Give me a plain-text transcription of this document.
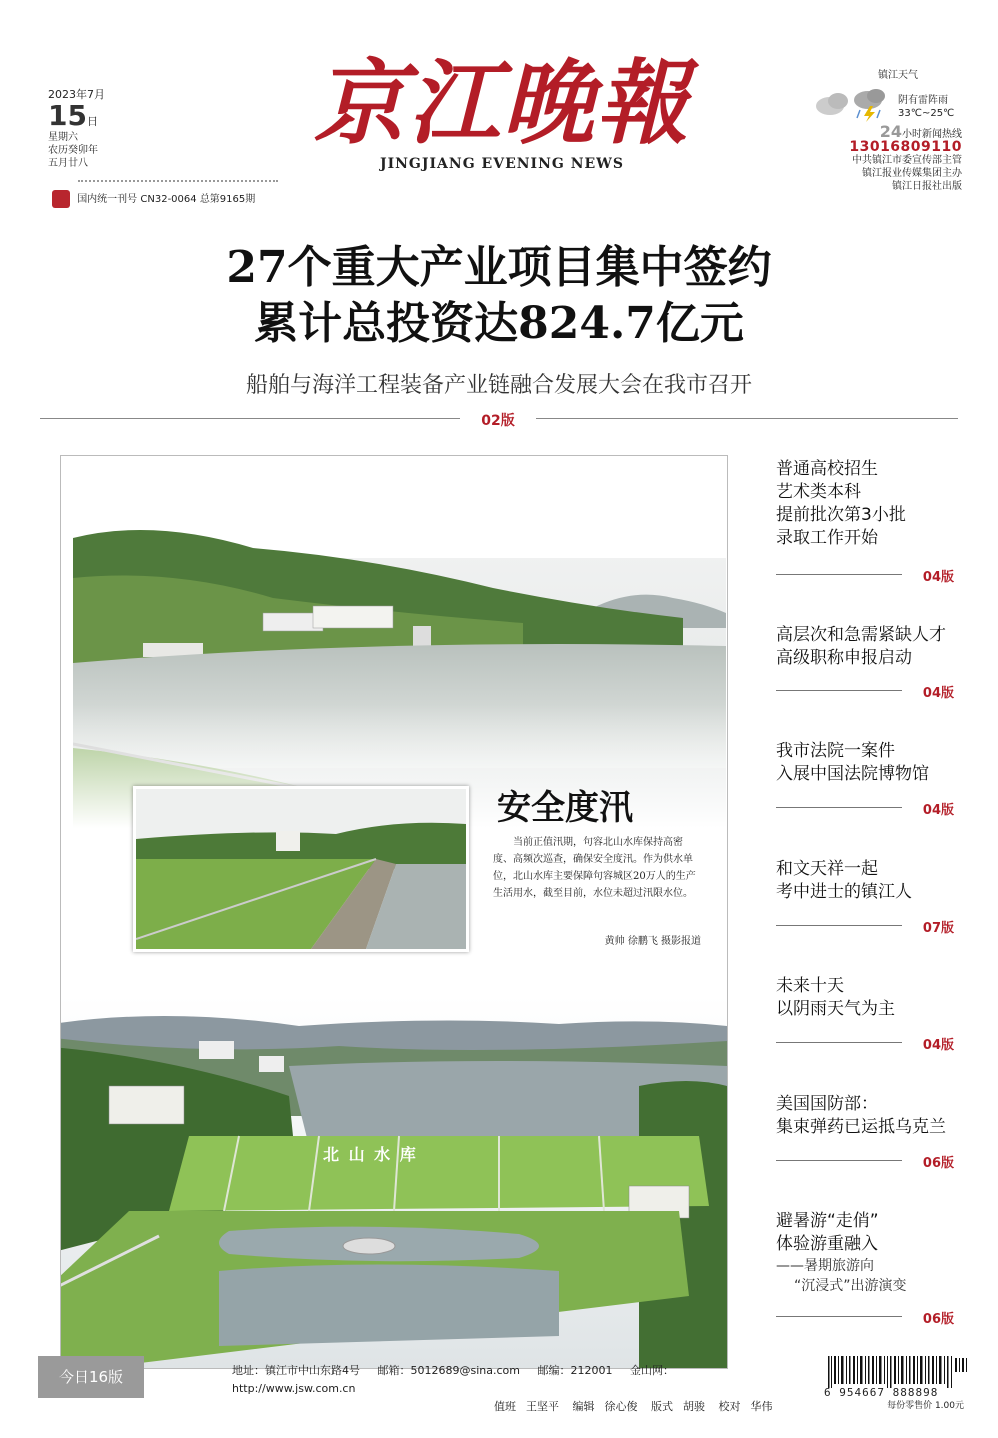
2023年7月
15日
星期六
农历癸卯年
五月廿八
国内统一刊号 CN32-0064 总第9165期
京江晚報
JINGJIANG EVENING NEWS
镇江天气
阴有雷阵雨
33℃~25℃
24小时新闻热线
13016809110
中共镇江市委宣传部主管
镇江报业传媒集团主办
镇江日报社出版
27个重大产业项目集中签约
累计总投资达824.7亿元
船舶与海洋工程装备产业链融合发展大会在我市召开
02版
北 山 水 库
安全度汛
当前正值汛期，句容北山水库保持高密度、高频次巡查，确保安全度汛。作为供水单位，北山水库主要保障句容城区20万人的生产生活用水，截至目前，水位未超过汛限水位。
黄帅 徐鹏飞 摄影报道
普通高校招生
艺术类本科
提前批次第3小批
录取工作开始
04版
高层次和急需紧缺人才
高级职称申报启动
04版
我市法院一案件
入展中国法院博物馆
04版
和文天祥一起
考中进士的镇江人
07版
未来十天
以阴雨天气为主
04版
美国国防部：
集束弹药已运抵乌克兰
06版
避暑游“走俏”
体验游重融入
——暑期旅游向
“沉浸式”出游演变
06版
今日16版	地址：镇江市中山东路4号 邮箱：5012689@sina.com 邮编：212001 金山网：http://www.jsw.com.cn
值班 王坚平 编辑 徐心俊 版式 胡骏 校对 华伟
6 954667 888898
每份零售价 1.00元
